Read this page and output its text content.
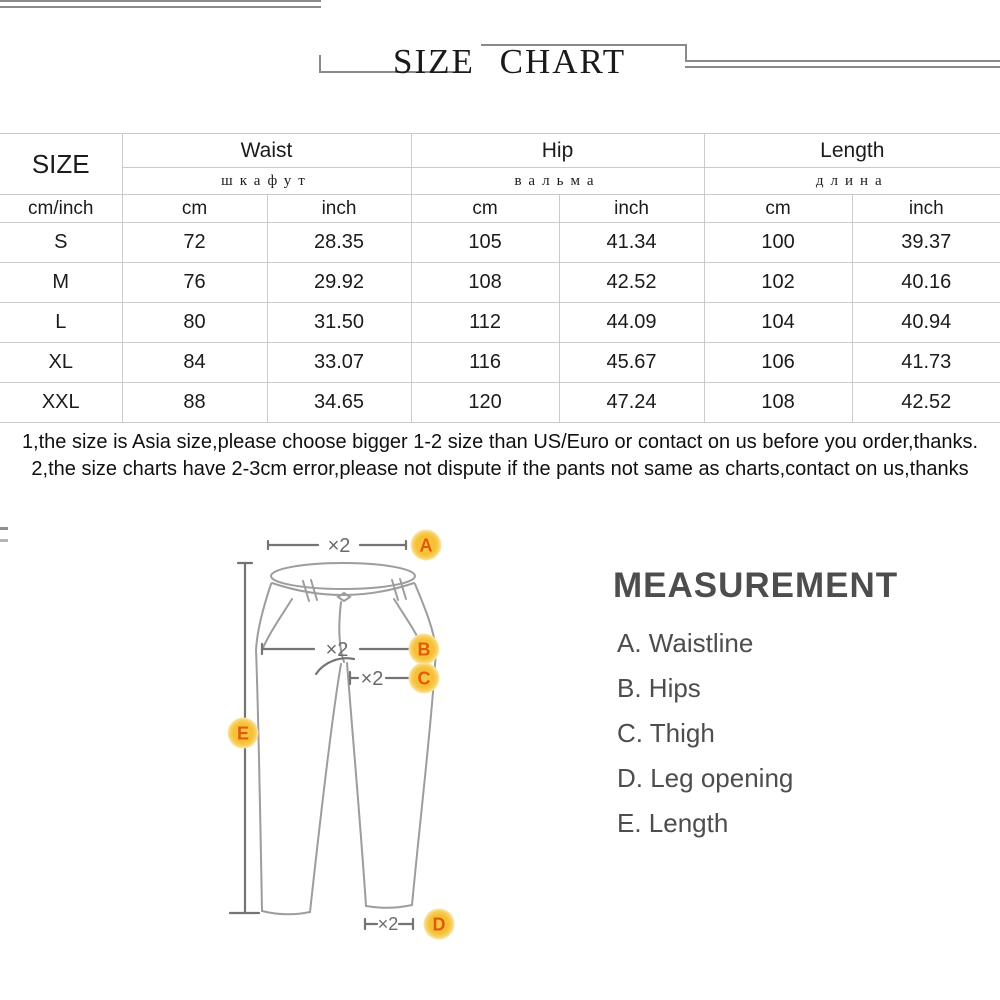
SIZE CHART
SIZE	Waist		Hip		Length	
	шкафут		вальма		длина	
cm/inch	cm	inch	cm	inch	cm	inch
S	72	28.35	105	41.34	100	39.37
M	76	29.92	108	42.52	102	40.16
L	80	31.50	112	44.09	104	40.94
XL	84	33.07	116	45.67	106	41.73
XXL	88	34.65	120	47.24	108	42.52

1,the size is Asia size,please choose bigger 1-2 size than US/Euro or contact on us before you order,thanks.

2,the size charts have 2-3cm error,please not dispute if the pants not same as charts,contact on us,thanks

MEASUREMENT
A. Waistline
B. Hips
C. Thigh
D. Leg opening
E. Length
×2
×2
×2
×2
A
B
C
D
E
